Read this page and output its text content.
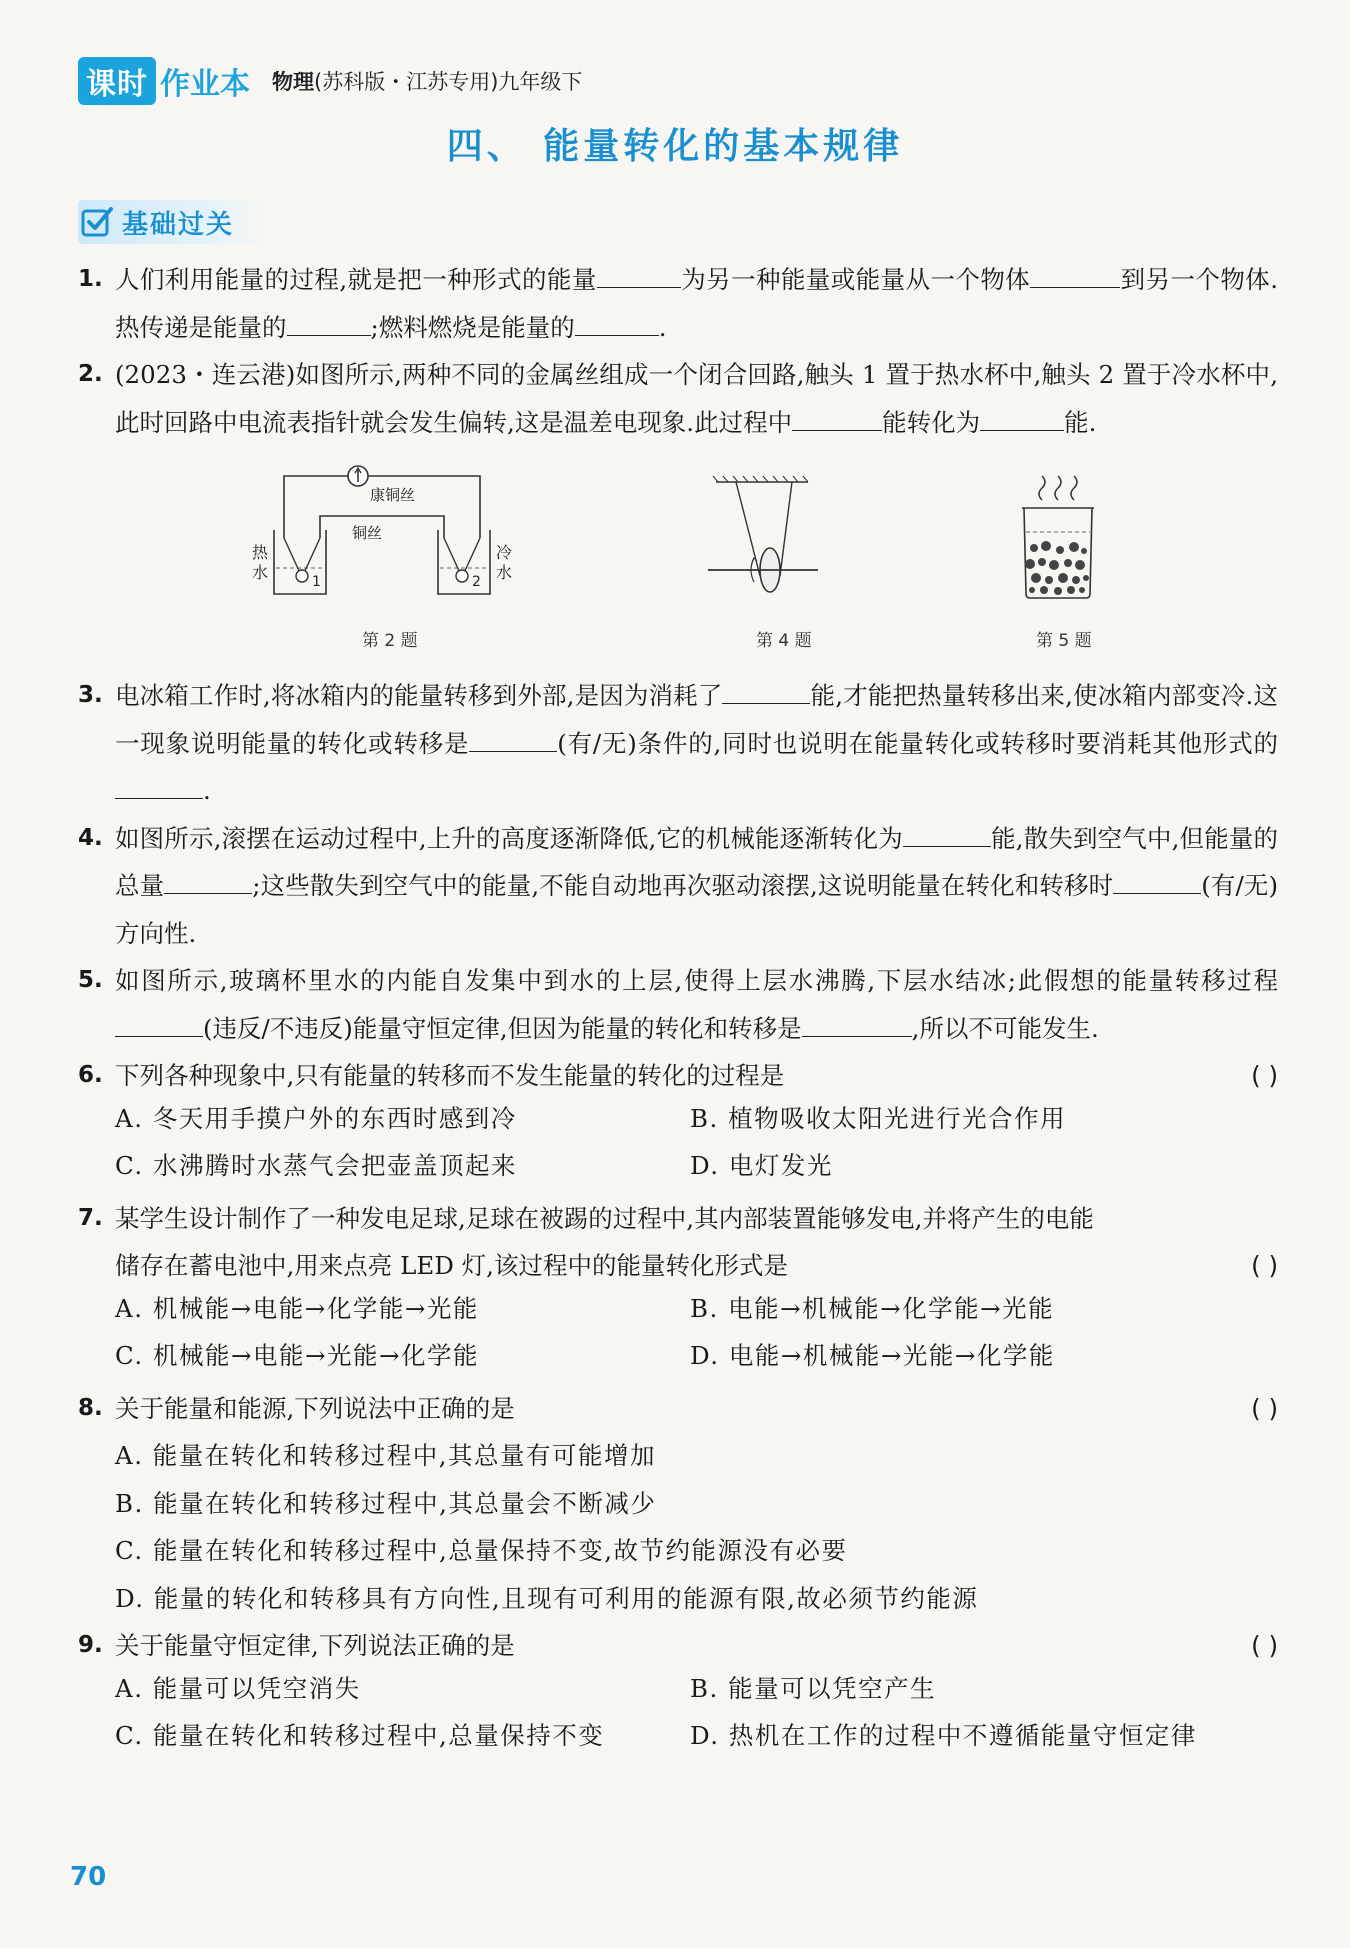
课时 作业本 物理(苏科版・江苏专用)九年级下
四、 能量转化的基本规律
基础过关
1. 人们利用能量的过程,就是把一种形式的能量	为另一种能量或能量从一个物体	到另一个物体.热传递是能量的	;燃料燃烧是能量的	.
2. (2023・连云港)如图所示,两种不同的金属丝组成一个闭合回路,触头 1 置于热水杯中,触头 2 置于冷水杯中,此时回路中电流表指针就会发生偏转,这是温差电现象.此过程中	能转化为	能.
康铜丝
铜丝
1	2
热水
冷水
第 2 题	第 4 题	第 5 题
3. 电冰箱工作时,将冰箱内的能量转移到外部,是因为消耗了	能,才能把热量转移出来,使冰箱内部变冷.这一现象说明能量的转化或转移是	(有/无)条件的,同时也说明在能量转化或转移时要消耗其他形式的.
4. 如图所示,滚摆在运动过程中,上升的高度逐渐降低,它的机械能逐渐转化为	能,散失到空气中,但能量的总量	;这些散失到空气中的能量,不能自动地再次驱动滚摆,这说明能量在转化和转移时	(有/无)方向性.
5. 如图所示,玻璃杯里水的内能自发集中到水的上层,使得上层水沸腾,下层水结冰;此假想的能量转移过程(违反/不违反)能量守恒定律,但因为能量的转化和转移是	,所以不可能发生.
6. 下列各种现象中,只有能量的转移而不发生能量的转化的过程是	( )
A. 冬天用手摸户外的东西时感到冷	B. 植物吸收太阳光进行光合作用
C. 水沸腾时水蒸气会把壶盖顶起来	D. 电灯发光
7. 某学生设计制作了一种发电足球,足球在被踢的过程中,其内部装置能够发电,并将产生的电能
储存在蓄电池中,用来点亮 LED 灯,该过程中的能量转化形式是	( )
A. 机械能→电能→化学能→光能	B. 电能→机械能→化学能→光能
C. 机械能→电能→光能→化学能	D. 电能→机械能→光能→化学能
8. 关于能量和能源,下列说法中正确的是	( )
A. 能量在转化和转移过程中,其总量有可能增加
B. 能量在转化和转移过程中,其总量会不断减少
C. 能量在转化和转移过程中,总量保持不变,故节约能源没有必要
D. 能量的转化和转移具有方向性,且现有可利用的能源有限,故必须节约能源
9. 关于能量守恒定律,下列说法正确的是	( )
A. 能量可以凭空消失	B. 能量可以凭空产生
C. 能量在转化和转移过程中,总量保持不变	D. 热机在工作的过程中不遵循能量守恒定律
70
